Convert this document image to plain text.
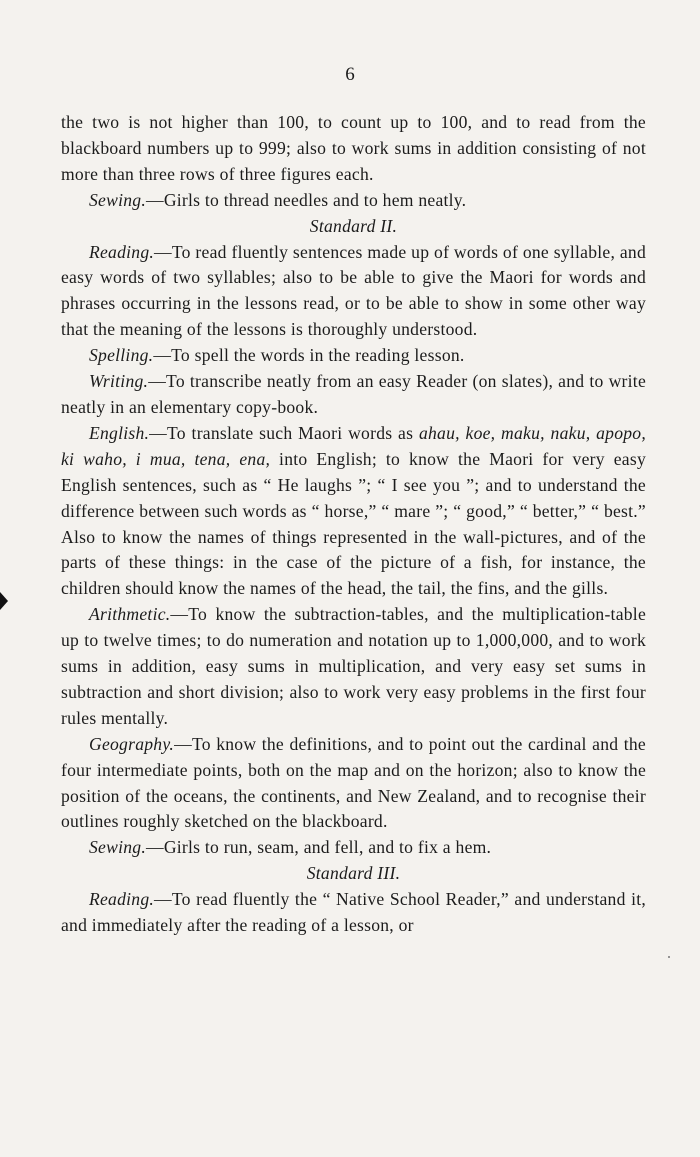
6

the two is not higher than 100, to count up to 100, and to read from the blackboard numbers up to 999; also to work sums in addition consisting of not more than three rows of three figures each.

Sewing.—Girls to thread needles and to hem neatly.

Standard II.

Reading.—To read fluently sentences made up of words of one syllable, and easy words of two syllables; also to be able to give the Maori for words and phrases occurring in the lessons read, or to be able to show in some other way that the meaning of the lessons is thoroughly understood.

Spelling.—To spell the words in the reading lesson.

Writing.—To transcribe neatly from an easy Reader (on slates), and to write neatly in an elementary copy-book.

English.—To translate such Maori words as ahau, koe, maku, naku, apopo, ki waho, i mua, tena, ena, into English; to know the Maori for very easy English sentences, such as “ He laughs ”; “ I see you ”; and to understand the difference between such words as “ horse,” “ mare ”; “ good,” “ better,” “ best.” Also to know the names of things represented in the wall-pictures, and of the parts of these things: in the case of the picture of a fish, for instance, the children should know the names of the head, the tail, the fins, and the gills.

Arithmetic.—To know the subtraction-tables, and the multiplication-table up to twelve times; to do numeration and notation up to 1,000,000, and to work sums in addition, easy sums in multiplication, and very easy set sums in subtraction and short division; also to work very easy problems in the first four rules mentally.

Geography.—To know the definitions, and to point out the cardinal and the four intermediate points, both on the map and on the horizon; also to know the position of the oceans, the continents, and New Zealand, and to recognise their outlines roughly sketched on the blackboard.

Sewing.—Girls to run, seam, and fell, and to fix a hem.

Standard III.

Reading.—To read fluently the “ Native School Reader,” and understand it, and immediately after the reading of a lesson, or
